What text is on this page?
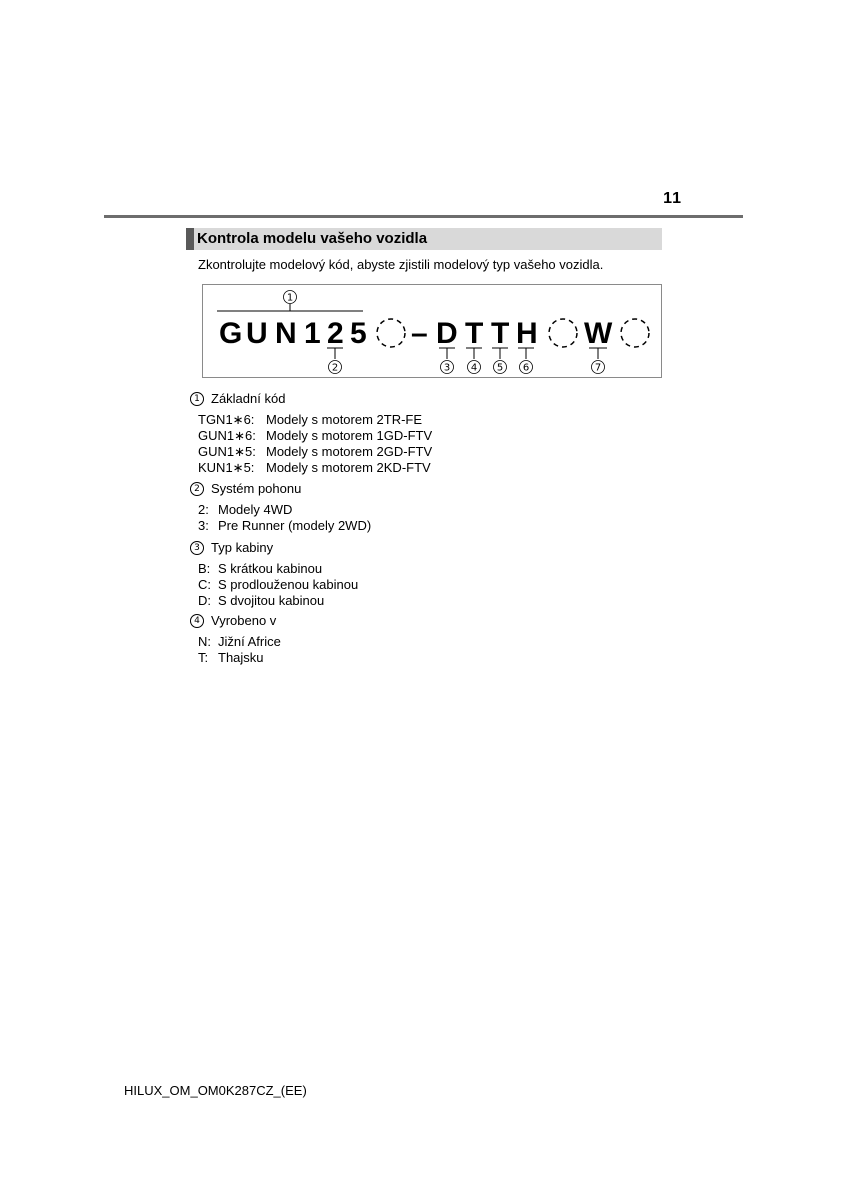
11
Kontrola modelu vašeho vozidla
Zkontrolujte modelový kód, abyste zjistili modelový typ vašeho vozidla.
1
G U N 1 2 5 – D T T H W
2	3 4 5 6	7
1 Základní kód
TGN1∗6: Modely s motorem 2TR-FE
GUN1∗6: Modely s motorem 1GD-FTV
GUN1∗5: Modely s motorem 2GD-FTV
KUN1∗5: Modely s motorem 2KD-FTV
2 Systém pohonu
2: Modely 4WD
3: Pre Runner (modely 2WD)
3 Typ kabiny
B: S krátkou kabinou
C: S prodlouženou kabinou
D: S dvojitou kabinou
4 Vyrobeno v
N: Jižní Africe
T: Thajsku
HILUX_OM_OM0K287CZ_(EE)
